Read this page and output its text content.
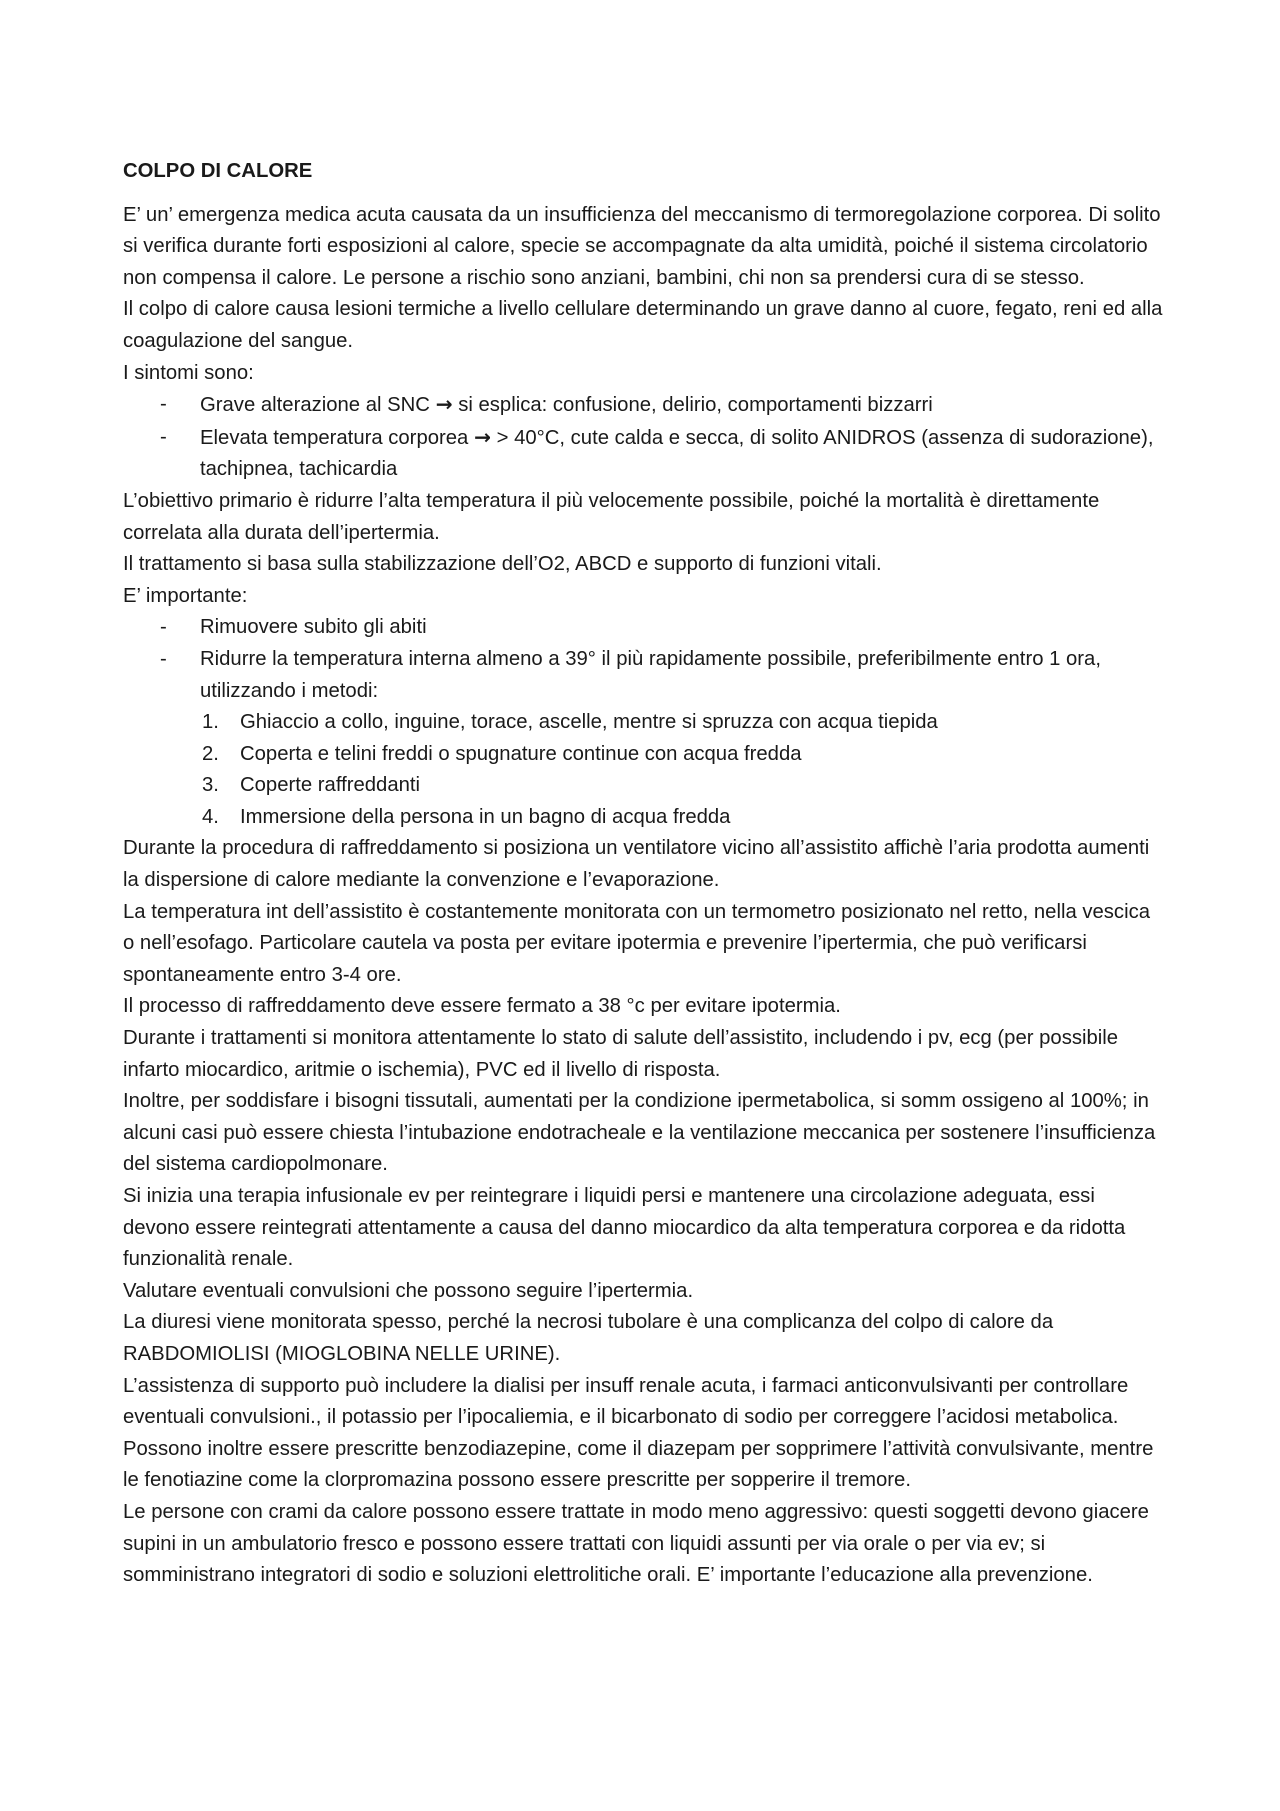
COLPO DI CALORE

E’ un’ emergenza medica acuta causata da un insufficienza del meccanismo di termoregolazione corporea. Di solito si verifica durante forti esposizioni al calore, specie se accompagnate da alta umidità, poiché il sistema circolatorio non compensa il calore. Le persone a rischio sono anziani, bambini, chi non sa prendersi cura di se stesso.

Il colpo di calore causa lesioni termiche a livello cellulare determinando un grave danno al cuore, fegato, reni ed alla coagulazione del sangue.

I sintomi sono:

- Grave alterazione al SNC → si esplica: confusione, delirio, comportamenti bizzarri
- Elevata temperatura corporea → > 40°C, cute calda e secca, di solito ANIDROS (assenza di sudorazione), tachipnea, tachicardia

L’obiettivo primario è ridurre l’alta temperatura il più velocemente possibile, poiché la mortalità è direttamente correlata alla durata dell’ipertermia.

Il trattamento si basa sulla stabilizzazione dell’O2, ABCD e supporto di funzioni vitali.

E’ importante:

- Rimuovere subito gli abiti
- Ridurre la temperatura interna almeno a 39° il più rapidamente possibile, preferibilmente entro 1 ora, utilizzando i metodi:
1. Ghiaccio a collo, inguine, torace, ascelle, mentre si spruzza con acqua tiepida
2. Coperta e telini freddi o spugnature continue con acqua fredda
3. Coperte raffreddanti
4. Immersione della persona in un bagno di acqua fredda

Durante la procedura di raffreddamento si posiziona un ventilatore vicino all’assistito affichè l’aria prodotta aumenti la dispersione di calore mediante la convenzione e l’evaporazione.

La temperatura int dell’assistito è costantemente monitorata con un termometro posizionato nel retto, nella vescica o nell’esofago. Particolare cautela va posta per evitare ipotermia e prevenire l’ipertermia, che può verificarsi spontaneamente entro 3-4 ore.

Il processo di raffreddamento deve essere fermato a 38 °c per evitare ipotermia.

Durante i trattamenti si monitora attentamente lo stato di salute dell’assistito, includendo i pv, ecg (per possibile infarto miocardico, aritmie o ischemia), PVC ed il livello di risposta.

Inoltre, per soddisfare i bisogni tissutali, aumentati per la condizione ipermetabolica, si somm ossigeno al 100%; in alcuni casi può essere chiesta l’intubazione endotracheale e la ventilazione meccanica per sostenere l’insufficienza del sistema cardiopolmonare.

Si inizia una terapia infusionale ev per reintegrare i liquidi persi e mantenere una circolazione adeguata, essi devono essere reintegrati attentamente a causa del danno miocardico da alta temperatura corporea e da ridotta funzionalità renale.

Valutare eventuali convulsioni che possono seguire l’ipertermia.

La diuresi viene monitorata spesso, perché la necrosi tubolare è una complicanza del colpo di calore da RABDOMIOLISI (MIOGLOBINA NELLE URINE).

L’assistenza di supporto può includere la dialisi per insuff renale acuta, i farmaci anticonvulsivanti per controllare eventuali convulsioni., il potassio per l’ipocaliemia, e il bicarbonato di sodio per correggere l’acidosi metabolica.

Possono inoltre essere prescritte benzodiazepine, come il diazepam per sopprimere l’attività convulsivante, mentre le fenotiazine come la clorpromazina possono essere prescritte per sopperire il tremore.

Le persone con crami da calore possono essere trattate in modo meno aggressivo: questi soggetti devono giacere supini in un ambulatorio fresco e possono essere trattati con liquidi assunti per via orale o per via ev; si somministrano integratori di sodio e soluzioni elettrolitiche orali. E’ importante l’educazione alla prevenzione.
